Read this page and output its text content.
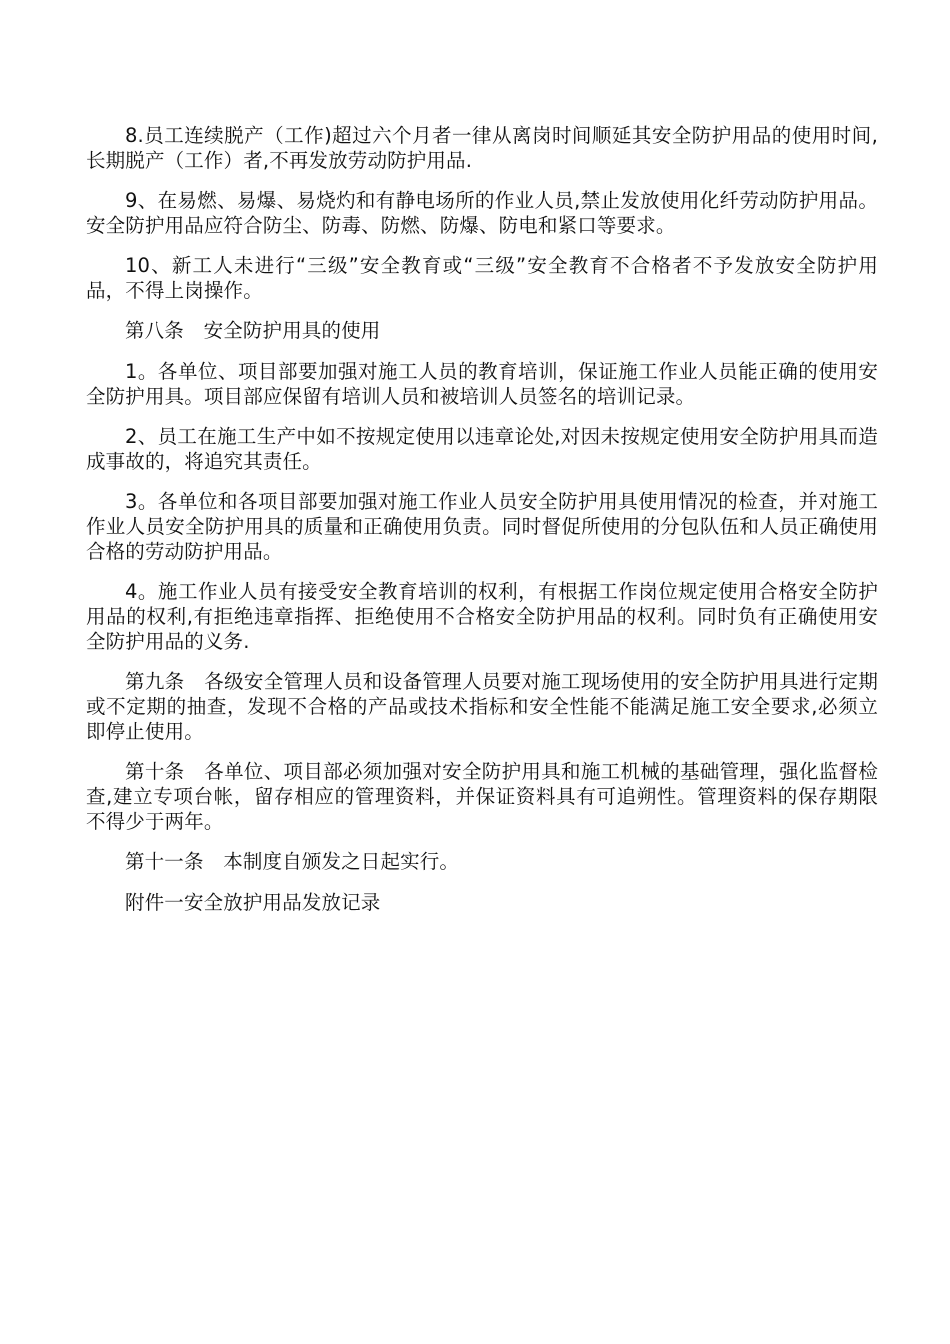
8.员工连续脱产（工作)超过六个月者一律从离岗时间顺延其安全防护用品的使用时间,长期脱产（工作）者,不再发放劳动防护用品.

9、在易燃、易爆、易烧灼和有静电场所的作业人员,禁止发放使用化纤劳动防护用品。安全防护用品应符合防尘、防毒、防燃、防爆、防电和紧口等要求。

10、新工人未进行“三级”安全教育或“三级”安全教育不合格者不予发放安全防护用品，不得上岗操作。

第八条　安全防护用具的使用

1。各单位、项目部要加强对施工人员的教育培训，保证施工作业人员能正确的使用安全防护用具。项目部应保留有培训人员和被培训人员签名的培训记录。

2、员工在施工生产中如不按规定使用以违章论处,对因未按规定使用安全防护用具而造成事故的，将追究其责任。

3。各单位和各项目部要加强对施工作业人员安全防护用具使用情况的检查，并对施工作业人员安全防护用具的质量和正确使用负责。同时督促所使用的分包队伍和人员正确使用合格的劳动防护用品。

4。施工作业人员有接受安全教育培训的权利，有根据工作岗位规定使用合格安全防护用品的权利,有拒绝违章指挥、拒绝使用不合格安全防护用品的权利。同时负有正确使用安全防护用品的义务.

第九条　各级安全管理人员和设备管理人员要对施工现场使用的安全防护用具进行定期或不定期的抽查，发现不合格的产品或技术指标和安全性能不能满足施工安全要求,必须立即停止使用。

第十条　各单位、项目部必须加强对安全防护用具和施工机械的基础管理，强化监督检查,建立专项台帐，留存相应的管理资料，并保证资料具有可追朔性。管理资料的保存期限不得少于两年。

第十一条　本制度自颁发之日起实行。

附件一安全放护用品发放记录
